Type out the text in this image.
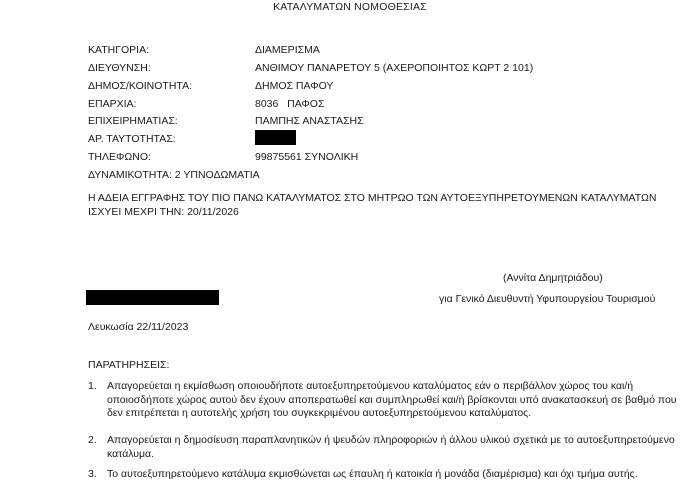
ΚΑΤΑΛΥΜΑΤΩΝ ΝΟΜΟΘΕΣΙΑΣ
ΚΑΤΗΓΟΡΙΑ:	ΔΙΑΜΕΡΙΣΜΑ
ΔΙΕΥΘΥΝΣΗ:	ΑΝΘΙΜΟΥ ΠΑΝΑΡΕΤΟΥ 5 (ΑΧΕΡΟΠΟΙΗΤΟΣ ΚΩΡΤ 2 101)
ΔΗΜΟΣ/ΚΟΙΝΟΤΗΤΑ:	ΔΗΜΟΣ ΠΑΦΟΥ
ΕΠΑΡΧΙΑ:	8036   ΠΑΦΟΣ
ΕΠΙΧΕΙΡΗΜΑΤΙΑΣ:	ΠΑΜΠΗΣ ΑΝΑΣΤΑΣΗΣ
ΑΡ. ΤΑΥΤΟΤΗΤΑΣ:
ΤΗΛΕΦΩΝΟ:	99875561 ΣΥΝΟΛΙΚΗ
ΔΥΝΑΜΙΚΟΤΗΤΑ: 2 ΥΠΝΟΔΩΜΑΤΙΑ
Η ΑΔΕΙΑ ΕΓΓΡΑΦΗΣ ΤΟΥ ΠΙΟ ΠΑΝΩ ΚΑΤΑΛΥΜΑΤΟΣ ΣΤΟ ΜΗΤΡΩΟ ΤΩΝ ΑΥΤΟΕΞΥΠΗΡΕΤΟΥΜΕΝΩΝ ΚΑΤΑΛΥΜΑΤΩΝ ΙΣΧΥΕΙ ΜΕΧΡΙ ΤΗΝ: 20/11/2026
(Αννίτα Δημητριάδου)
για Γενικό Διευθυντή Υφυπουργείου Τουρισμού
Λευκωσία 22/11/2023
ΠΑΡΑΤΗΡΗΣΕΙΣ:
1. Απαγορεύεται η εκμίσθωση οποιουδήποτε αυτοεξυπηρετούμενου καταλύματος εάν ο περιβάλλον χώρος του και/ή οποιοσδήποτε χώρος αυτού δεν έχουν αποπερατωθεί και συμπληρωθεί και/ή βρίσκονται υπό ανακατασκευή σε βαθμό που δεν επιτρέπεται η αυτοτελής χρήση του συγκεκριμένου αυτοεξυπηρετούμενου καταλύματος.
2. Απαγορεύεται η δημοσίευση παραπλανητικών ή ψευδών πληροφοριών ή άλλου υλικού σχετικά με το αυτοεξυπηρετούμενο κατάλυμα.
3. Το αυτοεξυπηρετούμενο κατάλυμα εκμισθώνεται ως έπαυλη ή κατοικία ή μονάδα (διαμέρισμα) και όχι τμήμα αυτής.
